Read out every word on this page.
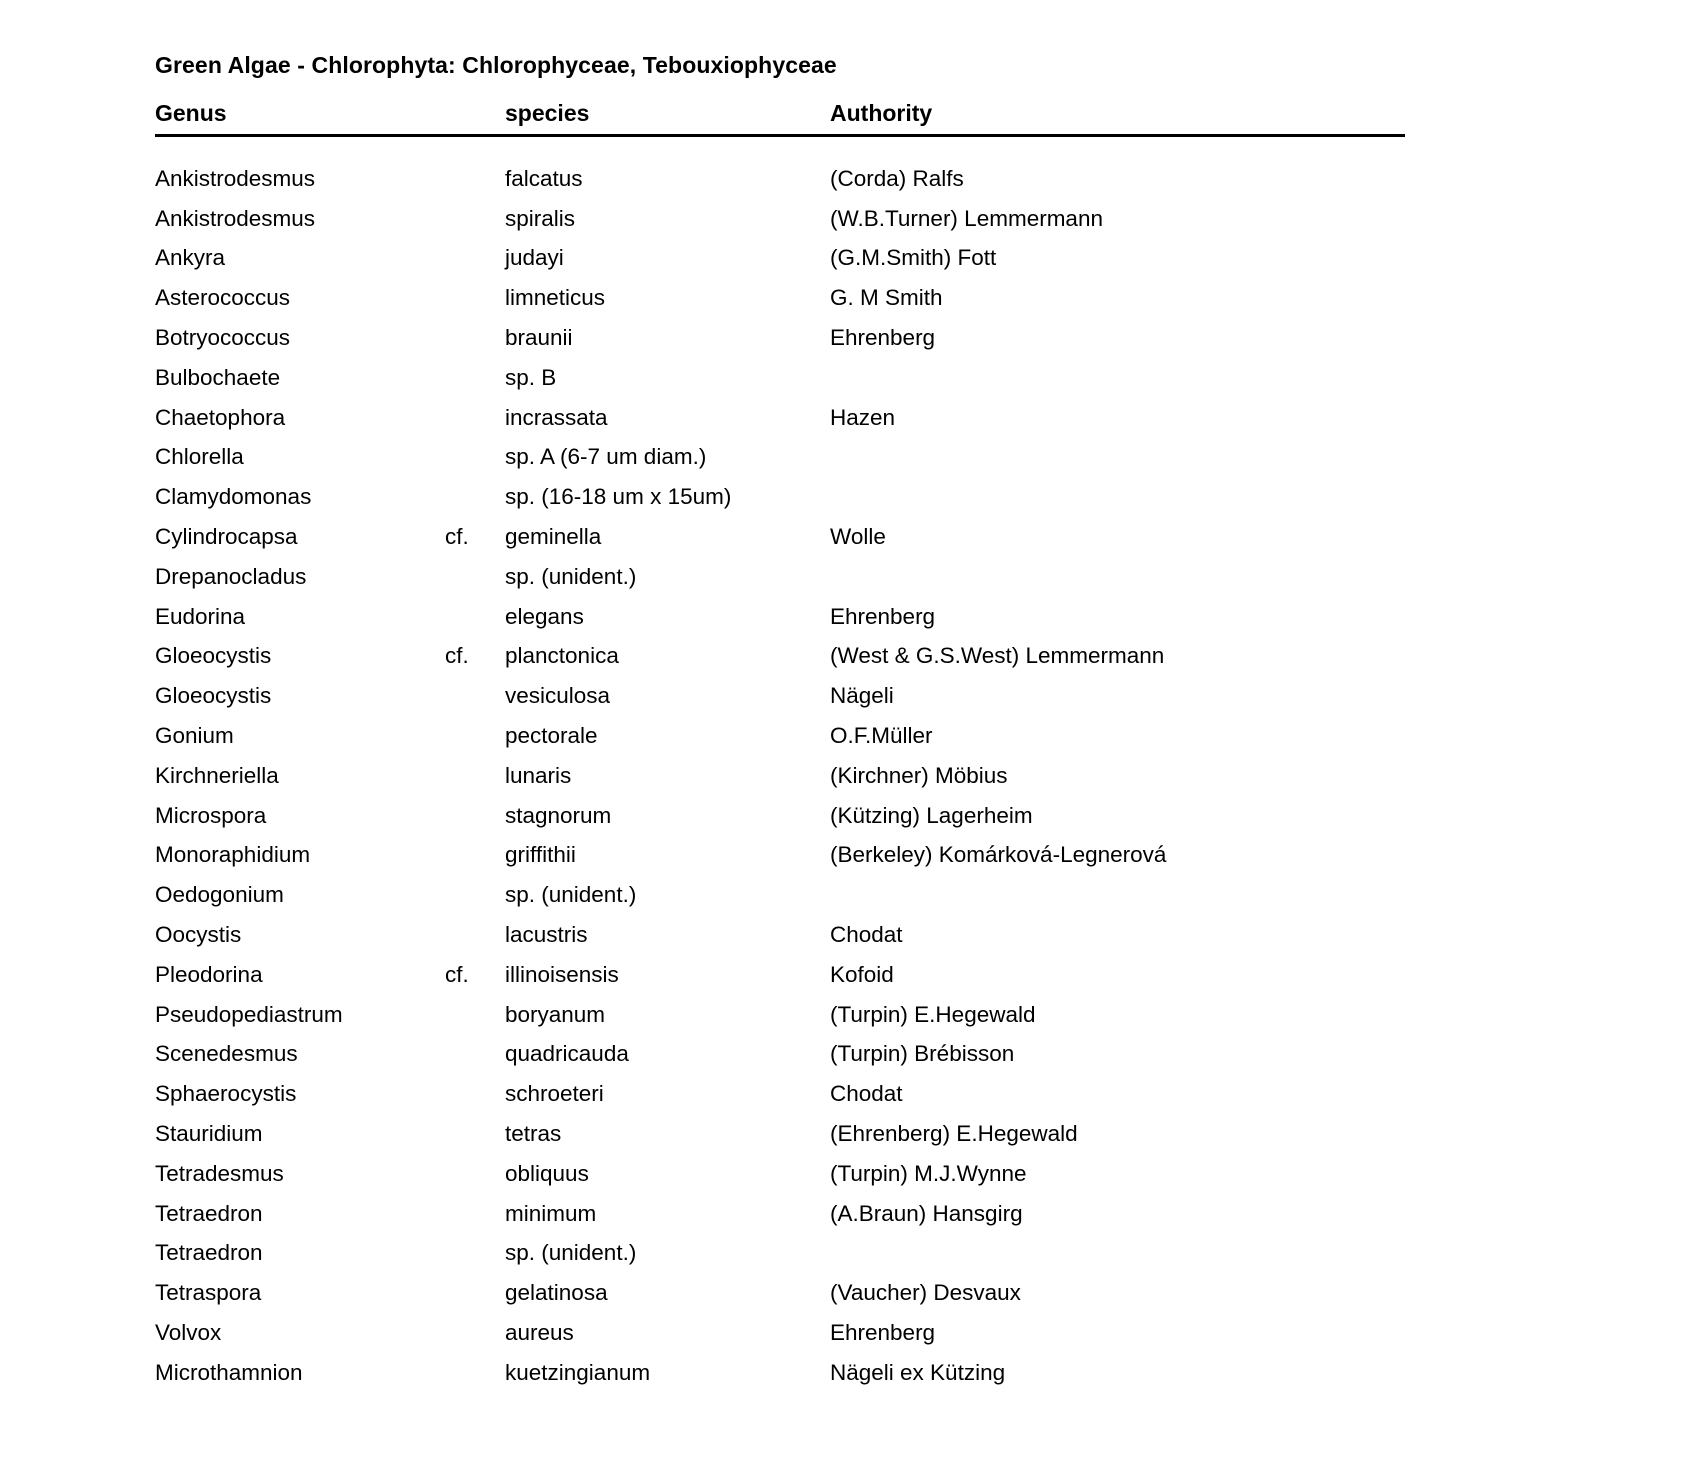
Green Algae - Chlorophyta: Chlorophyceae, Tebouxiophyceae
Genus		species	Authority

Ankistrodesmus		falcatus	(Corda) Ralfs
Ankistrodesmus		spiralis	(W.B.Turner) Lemmermann
Ankyra		judayi	(G.M.Smith) Fott
Asterococcus		limneticus	G. M Smith
Botryococcus		braunii	Ehrenberg
Bulbochaete		sp. B	
Chaetophora		incrassata	Hazen
Chlorella		sp. A (6-7 um diam.)	
Clamydomonas		sp. (16-18 um x 15um)	
Cylindrocapsa	cf.	geminella	Wolle
Drepanocladus		sp. (unident.)	
Eudorina		elegans	Ehrenberg
Gloeocystis	cf.	planctonica	(West & G.S.West) Lemmermann
Gloeocystis		vesiculosa	Nägeli
Gonium		pectorale	O.F.Müller
Kirchneriella		lunaris	(Kirchner) Möbius
Microspora		stagnorum	(Kützing) Lagerheim
Monoraphidium		griffithii	(Berkeley) Komárková-Legnerová
Oedogonium		sp. (unident.)	
Oocystis		lacustris	Chodat
Pleodorina	cf.	illinoisensis	Kofoid
Pseudopediastrum		boryanum	(Turpin) E.Hegewald
Scenedesmus		quadricauda	(Turpin) Brébisson
Sphaerocystis		schroeteri	Chodat
Stauridium		tetras	(Ehrenberg) E.Hegewald
Tetradesmus		obliquus	(Turpin) M.J.Wynne
Tetraedron		minimum	(A.Braun) Hansgirg
Tetraedron		sp. (unident.)	
Tetraspora		gelatinosa	(Vaucher) Desvaux
Volvox		aureus	Ehrenberg
Microthamnion		kuetzingianum	Nägeli ex Kützing
